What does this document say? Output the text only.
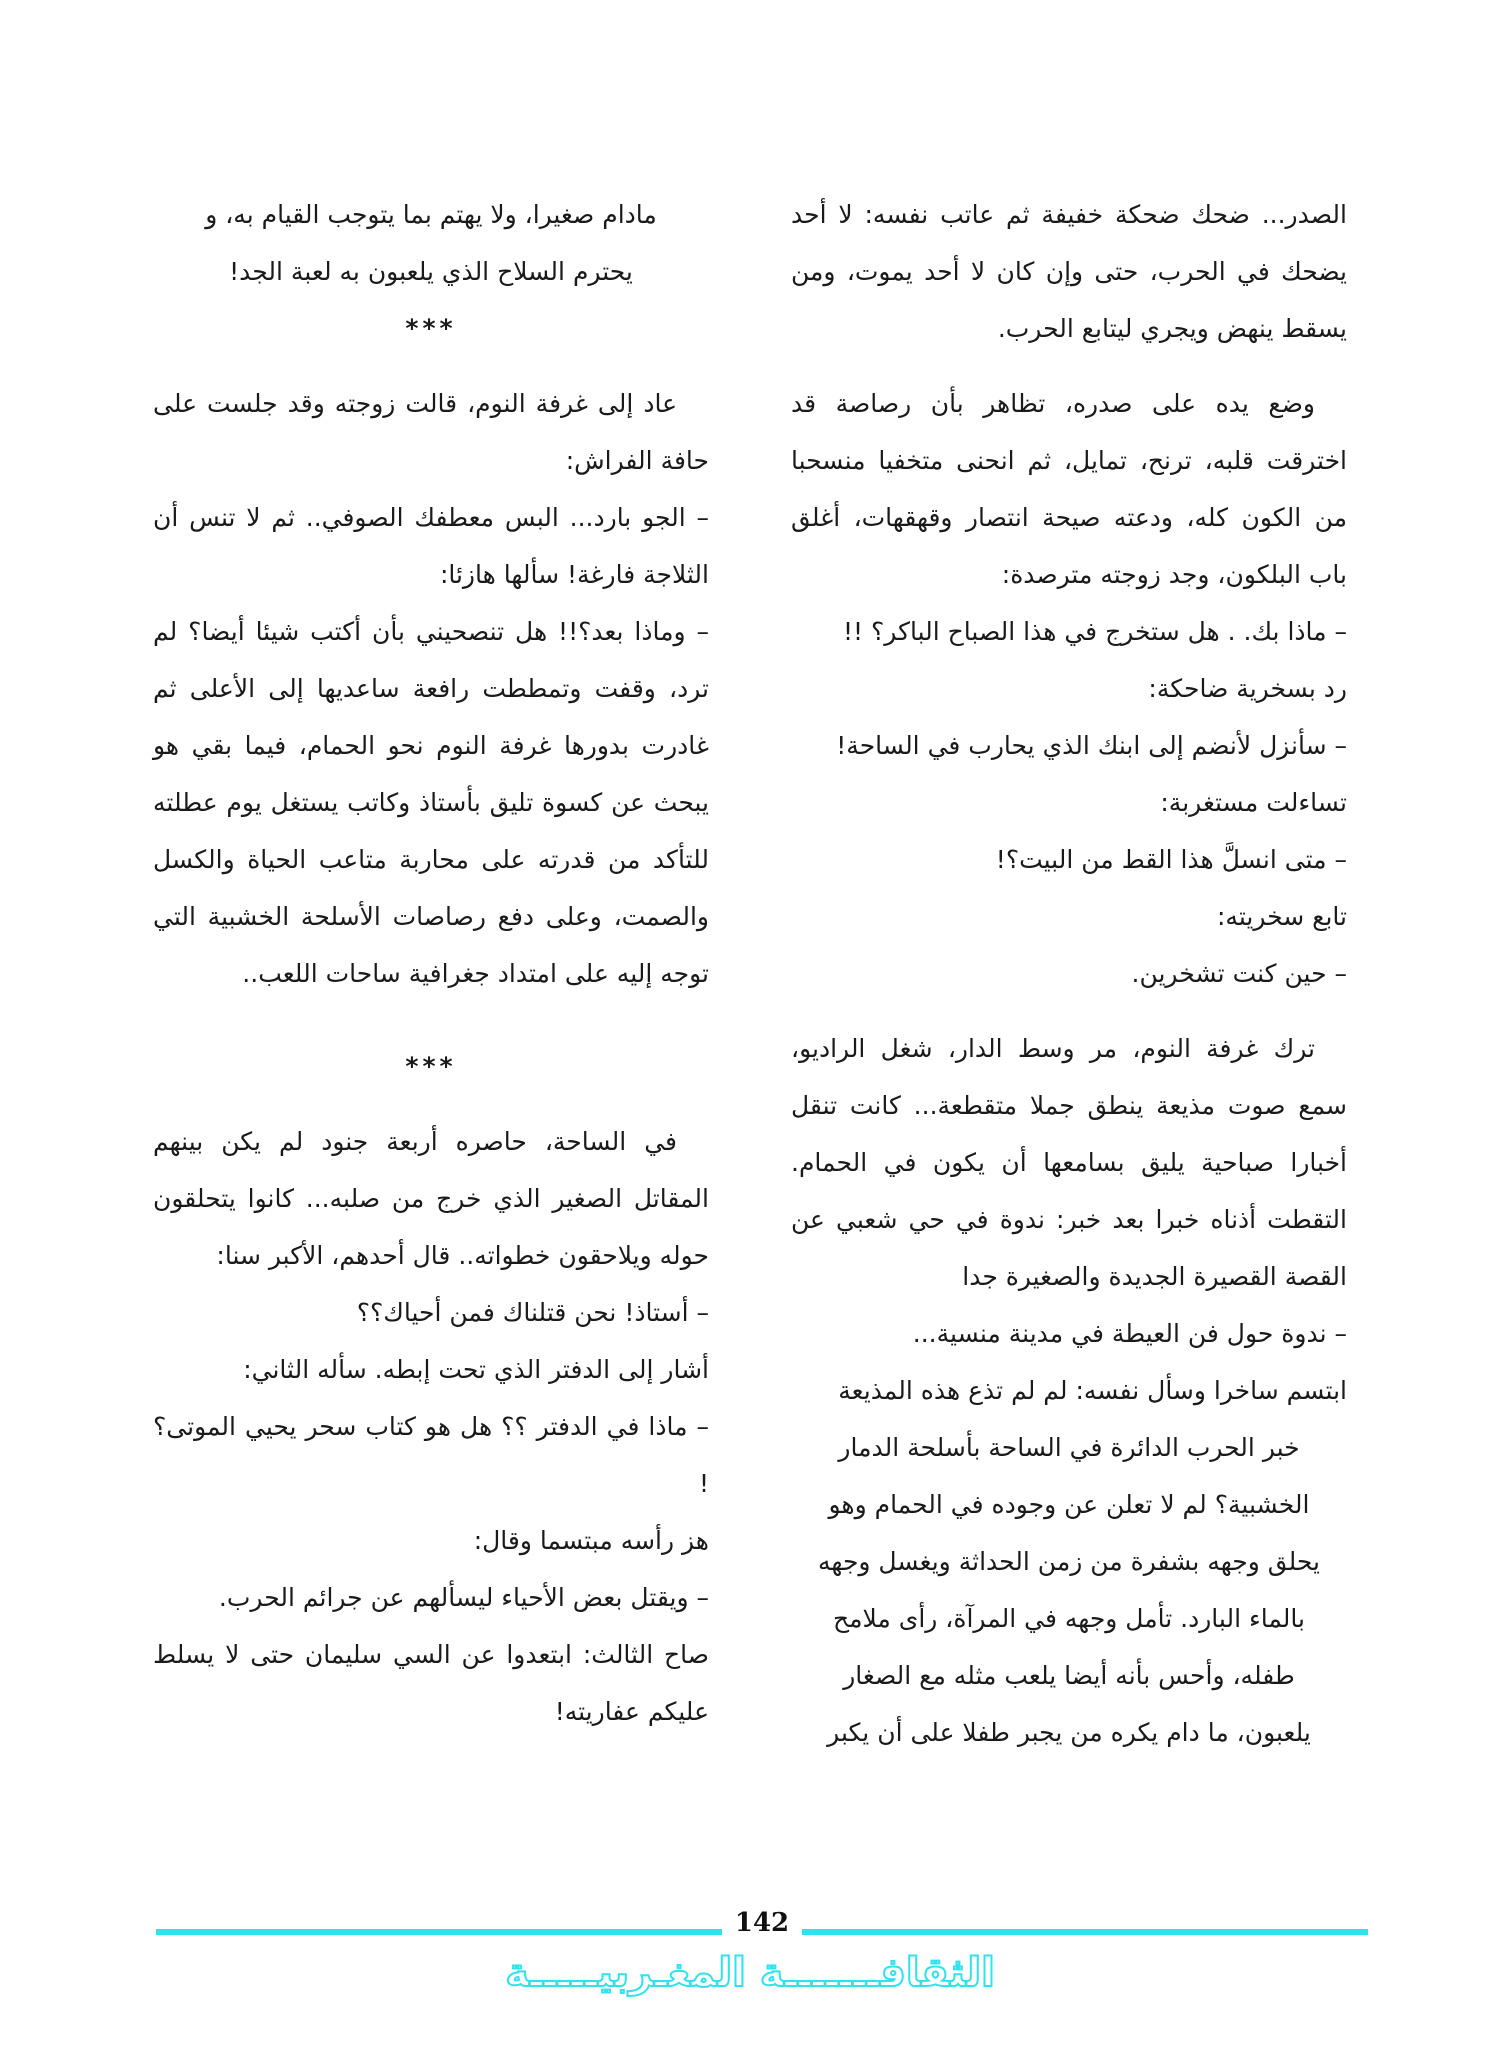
الصدر... ضحك ضحكة خفيفة ثم عاتب نفسه: لا أحد يضحك في الحرب، حتى وإن كان لا أحد يموت، ومن يسقط ينهض ويجري ليتابع الحرب.

وضع يده على صدره، تظاهر بأن رصاصة قد اخترقت قلبه، ترنح، تمايل، ثم انحنى متخفيا منسحبا من الكون كله، ودعته صيحة انتصار وقهقهات، أغلق باب البلكون، وجد زوجته مترصدة:

– ماذا بك. . هل ستخرج في هذا الصباح الباكر؟ !!

رد بسخرية ضاحكة:

– سأنزل لأنضم إلى ابنك الذي يحارب في الساحة!

تساءلت مستغربة:

– متى انسلَّ هذا القط من البيت؟!

تابع سخريته:

– حين كنت تشخرين.

ترك غرفة النوم، مر وسط الدار، شغل الراديو، سمع صوت مذيعة ينطق جملا متقطعة... كانت تنقل أخبارا صباحية يليق بسامعها أن يكون في الحمام. التقطت أذناه خبرا بعد خبر: ندوة في حي شعبي عن القصة القصيرة الجديدة والصغيرة جدا

– ندوة حول فن العيطة في مدينة منسية...

ابتسم ساخرا وسأل نفسه: لم لم تذع هذه المذيعة

خبر الحرب الدائرة في الساحة بأسلحة الدمار

الخشبية؟ لم لا تعلن عن وجوده في الحمام وهو

يحلق وجهه بشفرة من زمن الحداثة ويغسل وجهه

بالماء البارد. تأمل وجهه في المرآة، رأى ملامح

طفله، وأحس بأنه أيضا يلعب مثله مع الصغار

يلعبون، ما دام يكره من يجبر طفلا على أن يكبر

مادام صغيرا، ولا يهتم بما يتوجب القيام به، و

يحترم السلاح الذي يلعبون به لعبة الجد!

***

عاد إلى غرفة النوم، قالت زوجته وقد جلست على حافة الفراش:

– الجو بارد... البس معطفك الصوفي.. ثم لا تنس أن الثلاجة فارغة! سألها هازئا:

– وماذا بعد؟!! هل تنصحيني بأن أكتب شيئا أيضا؟ لم ترد، وقفت وتمططت رافعة ساعديها إلى الأعلى ثم غادرت بدورها غرفة النوم نحو الحمام، فيما بقي هو يبحث عن كسوة تليق بأستاذ وكاتب يستغل يوم عطلته للتأكد من قدرته على محاربة متاعب الحياة والكسل والصمت، وعلى دفع رصاصات الأسلحة الخشبية التي توجه إليه على امتداد جغرافية ساحات اللعب..

***

في الساحة، حاصره أربعة جنود لم يكن بينهم المقاتل الصغير الذي خرج من صلبه... كانوا يتحلقون حوله ويلاحقون خطواته.. قال أحدهم، الأكبر سنا:

– أستاذ! نحن قتلناك فمن أحياك؟؟

أشار إلى الدفتر الذي تحت إبطه. سأله الثاني:

– ماذا في الدفتر ؟؟ هل هو كتاب سحر يحيي الموتى؟ !

هز رأسه مبتسما وقال:

– ويقتل بعض الأحياء ليسألهم عن جرائم الحرب.

صاح الثالث: ابتعدوا عن السي سليمان حتى لا يسلط عليكم عفاريته!

142
الثقافـــــــة المغـربيـــــة
